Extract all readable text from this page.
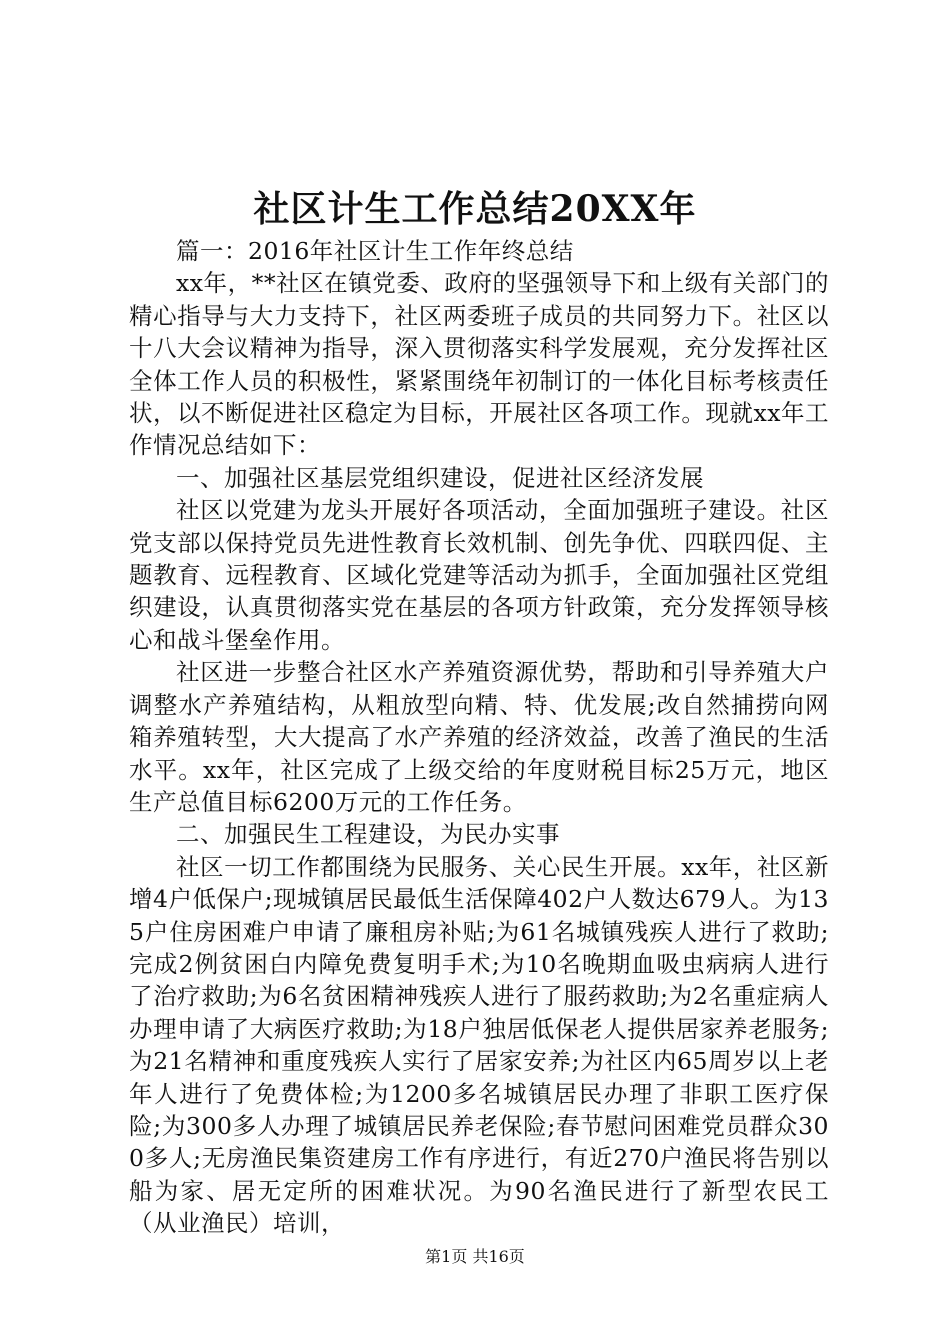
社区计生工作总结20XX年

篇一：2016年社区计生工作年终总结

xx年，**社区在镇党委、政府的坚强领导下和上级有关部门的精心指导与大力支持下，社区两委班子成员的共同努力下。社区以十八大会议精神为指导，深入贯彻落实科学发展观，充分发挥社区全体工作人员的积极性，紧紧围绕年初制订的一体化目标考核责任状，以不断促进社区稳定为目标，开展社区各项工作。现就xx年工作情况总结如下：

一、加强社区基层党组织建设，促进社区经济发展

社区以党建为龙头开展好各项活动，全面加强班子建设。社区党支部以保持党员先进性教育长效机制、创先争优、四联四促、主题教育、远程教育、区域化党建等活动为抓手，全面加强社区党组织建设，认真贯彻落实党在基层的各项方针政策，充分发挥领导核心和战斗堡垒作用。

社区进一步整合社区水产养殖资源优势，帮助和引导养殖大户调整水产养殖结构，从粗放型向精、特、优发展;改自然捕捞向网箱养殖转型，大大提高了水产养殖的经济效益，改善了渔民的生活水平。xx年，社区完成了上级交给的年度财税目标25万元，地区生产总值目标6200万元的工作任务。

二、加强民生工程建设，为民办实事

社区一切工作都围绕为民服务、关心民生开展。xx年，社区新增4户低保户;现城镇居民最低生活保障402户人数达679人。为135户住房困难户申请了廉租房补贴;为61名城镇残疾人进行了救助;完成2例贫困白内障免费复明手术;为10名晚期血吸虫病病人进行了治疗救助;为6名贫困精神残疾人进行了服药救助;为2名重症病人办理申请了大病医疗救助;为18户独居低保老人提供居家养老服务;为21名精神和重度残疾人实行了居家安养;为社区内65周岁以上老年人进行了免费体检;为1200多名城镇居民办理了非职工医疗保险;为300多人办理了城镇居民养老保险;春节慰问困难党员群众300多人;无房渔民集资建房工作有序进行，有近270户渔民将告别以船为家、居无定所的困难状况。为90名渔民进行了新型农民工（从业渔民）培训，

第1页 共16页
